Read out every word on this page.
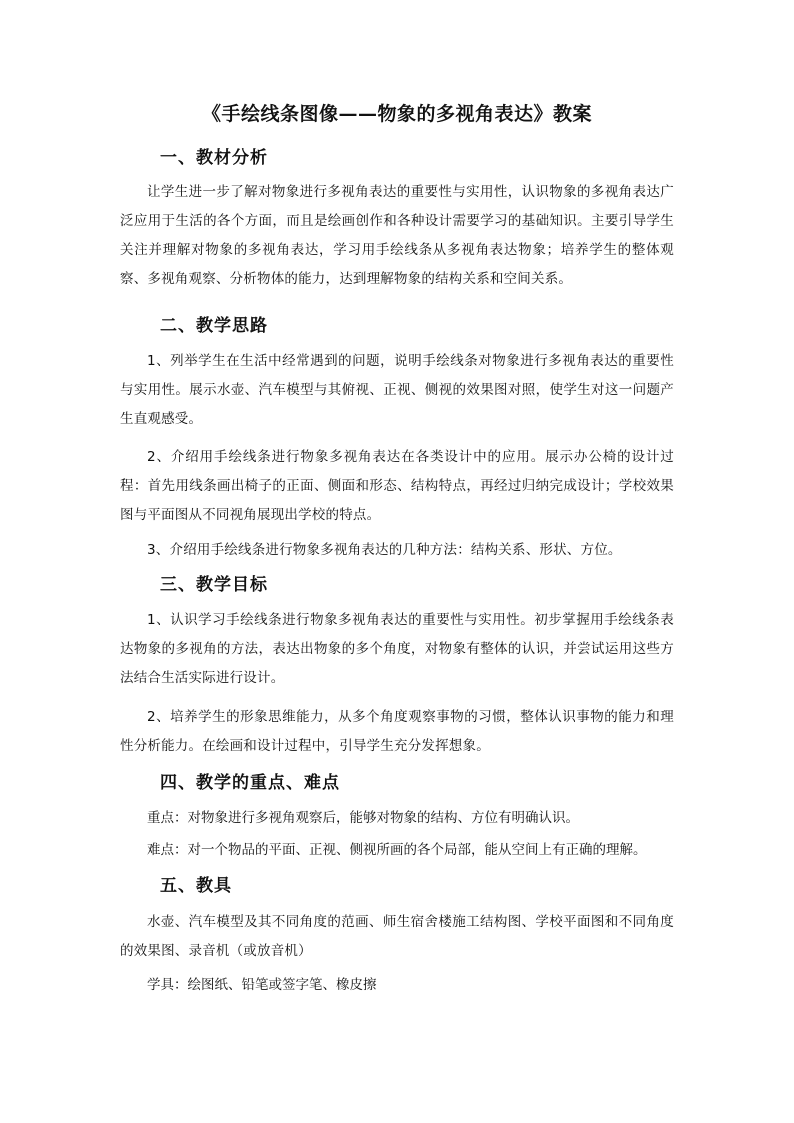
《手绘线条图像——物象的多视角表达》教案
一、教材分析

让学生进一步了解对物象进行多视角表达的重要性与实用性，认识物象的多视角表达广泛应用于生活的各个方面，而且是绘画创作和各种设计需要学习的基础知识。主要引导学生关注并理解对物象的多视角表达，学习用手绘线条从多视角表达物象；培养学生的整体观察、多视角观察、分析物体的能力，达到理解物象的结构关系和空间关系。

二、教学思路

1、列举学生在生活中经常遇到的问题，说明手绘线条对物象进行多视角表达的重要性与实用性。展示水壶、汽车模型与其俯视、正视、侧视的效果图对照，使学生对这一问题产生直观感受。

2、介绍用手绘线条进行物象多视角表达在各类设计中的应用。展示办公椅的设计过程：首先用线条画出椅子的正面、侧面和形态、结构特点，再经过归纳完成设计；学校效果图与平面图从不同视角展现出学校的特点。

3、介绍用手绘线条进行物象多视角表达的几种方法：结构关系、形状、方位。

三、教学目标

1、认识学习手绘线条进行物象多视角表达的重要性与实用性。初步掌握用手绘线条表达物象的多视角的方法，表达出物象的多个角度，对物象有整体的认识，并尝试运用这些方法结合生活实际进行设计。

2、培养学生的形象思维能力，从多个角度观察事物的习惯，整体认识事物的能力和理性分析能力。在绘画和设计过程中，引导学生充分发挥想象。

四、教学的重点、难点

重点：对物象进行多视角观察后，能够对物象的结构、方位有明确认识。

难点：对一个物品的平面、正视、侧视所画的各个局部，能从空间上有正确的理解。

五、教具

水壶、汽车模型及其不同角度的范画、师生宿舍楼施工结构图、学校平面图和不同角度的效果图、录音机（或放音机）

学具：绘图纸、铅笔或签字笔、橡皮擦
